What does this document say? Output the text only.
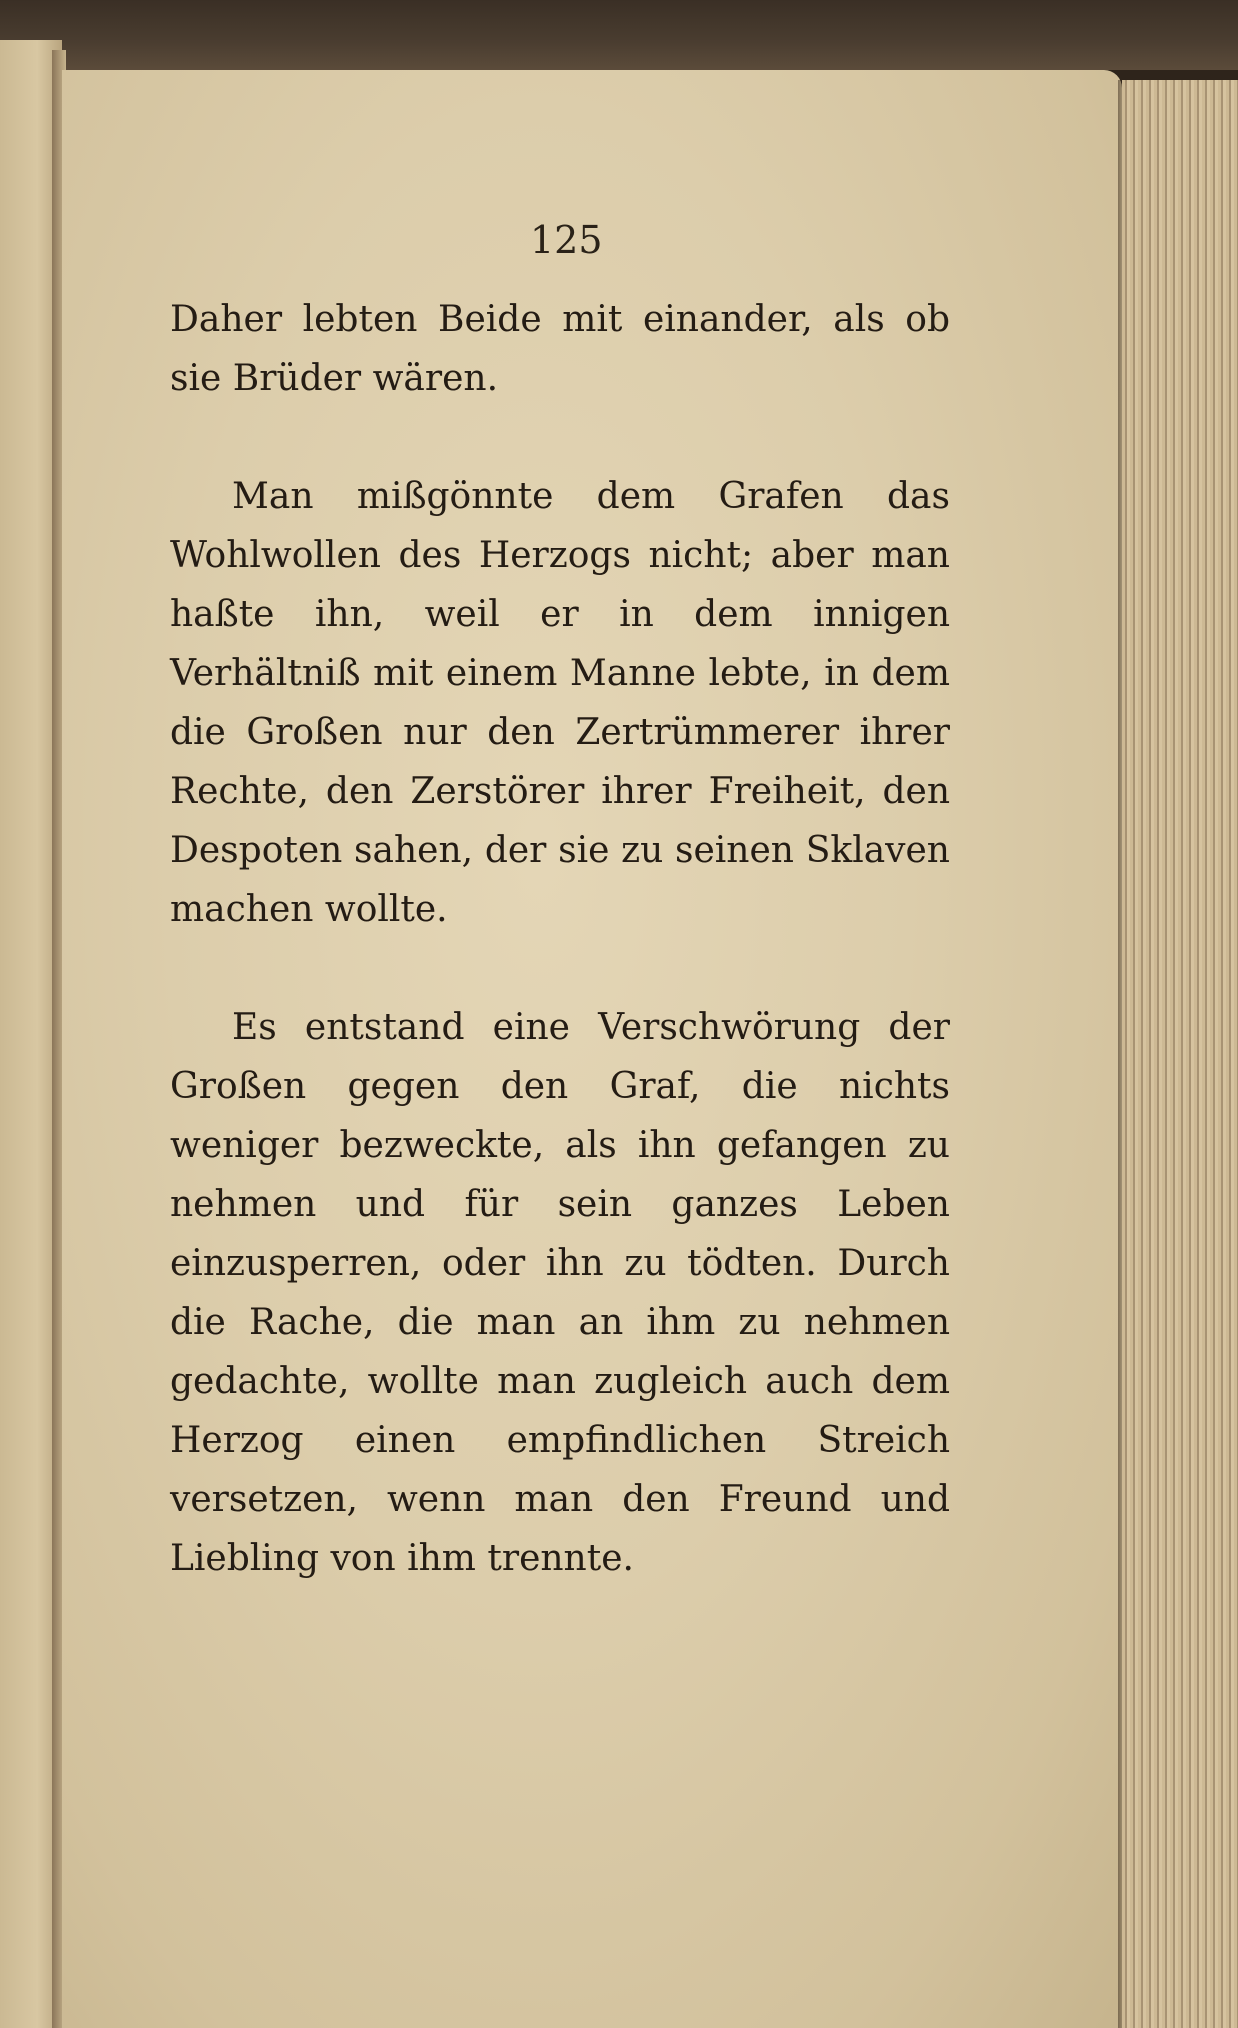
125

Daher lebten Beide mit einander, als ob sie Brüder wären.

Man mißgönnte dem Grafen das Wohlwollen des Herzogs nicht; aber man haßte ihn, weil er in dem innigen Verhältniß mit einem Manne lebte, in dem die Großen nur den Zertrümmerer ihrer Rechte, den Zerstörer ihrer Freiheit, den Despoten sahen, der sie zu seinen Sklaven machen wollte.

Es entstand eine Verschwörung der Großen gegen den Graf, die nichts weniger bezweckte, als ihn gefangen zu nehmen und für sein ganzes Leben einzusperren, oder ihn zu tödten. Durch die Rache, die man an ihm zu nehmen gedachte, wollte man zugleich auch dem Herzog einen empfindlichen Streich versetzen, wenn man den Freund und Liebling von ihm trennte.
